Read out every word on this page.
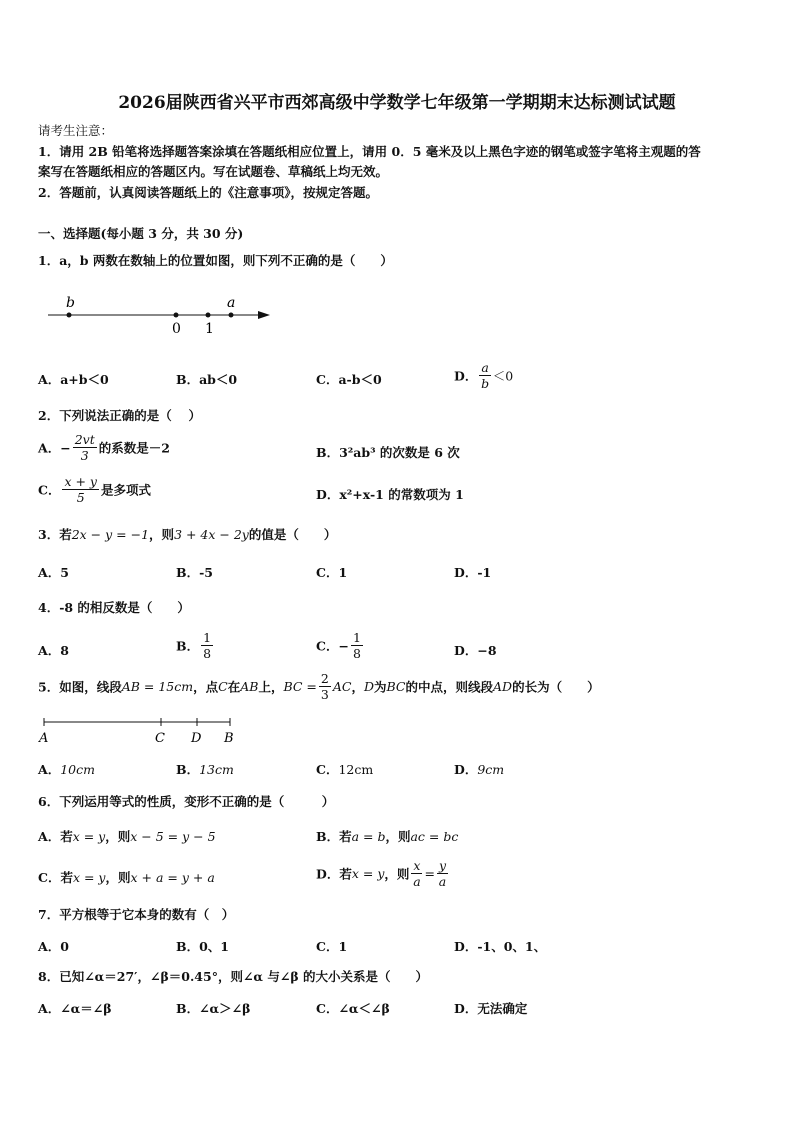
2026届陕西省兴平市西郊高级中学数学七年级第一学期期末达标测试试题
请考生注意：
1．请用 2B 铅笔将选择题答案涂填在答题纸相应位置上，请用 0．5 毫米及以上黑色字迹的钢笔或签字笔将主观题的答
案写在答题纸相应的答题区内。写在试题卷、草稿纸上均无效。
2．答题前，认真阅读答题纸上的《注意事项》，按规定答题。
一、选择题(每小题 3 分，共 30 分)
1．a，b 两数在数轴上的位置如图，则下列不正确的是（　　）
b	a
0 1
A．a+b＜0	B．ab＜0	C．a-b＜0	D． $\frac{a}{b} <0$
2．下列说法正确的是（　 ）
A．− $\frac{2vt}{3}$ 的系数是－2	B．3²ab³ 的次数是 6 次
C． $\frac{x + y}{5}$ 是多项式	D．x²+x-1 的常数项为 1
3．若2x − y = −1，则3 + 4x − 2y的值是（　　）
A．5	B．-5	C．1	D．-1
4．-8 的相反数是（　　）
A．8	B． $\frac{1}{8}$	C．− $\frac{1}{8}$	D．−8
5．如图，线段AB = 15cm，点C在AB上，BC = $\frac{2}{3}$ AC，D为BC的中点，则线段AD的长为（　　）
A	C D B
A．10cm	B．13cm	C．12cm	D．9cm
6．下列运用等式的性质，变形不正确的是（　　　）
A．若x = y，则x − 5 = y − 5	B．若a = b，则ac = bc
C．若x = y，则x + a = y + a	D．若x = y，则 $\frac{x}{a} = \frac{y}{a}$
7．平方根等于它本身的数有（　）
A．0	B．0、1	C．1	D．-1、0、1、
8．已知∠α＝27′，∠β＝0.45°，则∠α 与∠β 的大小关系是（　　）
A．∠α＝∠β	B．∠α＞∠β	C．∠α＜∠β	D．无法确定
